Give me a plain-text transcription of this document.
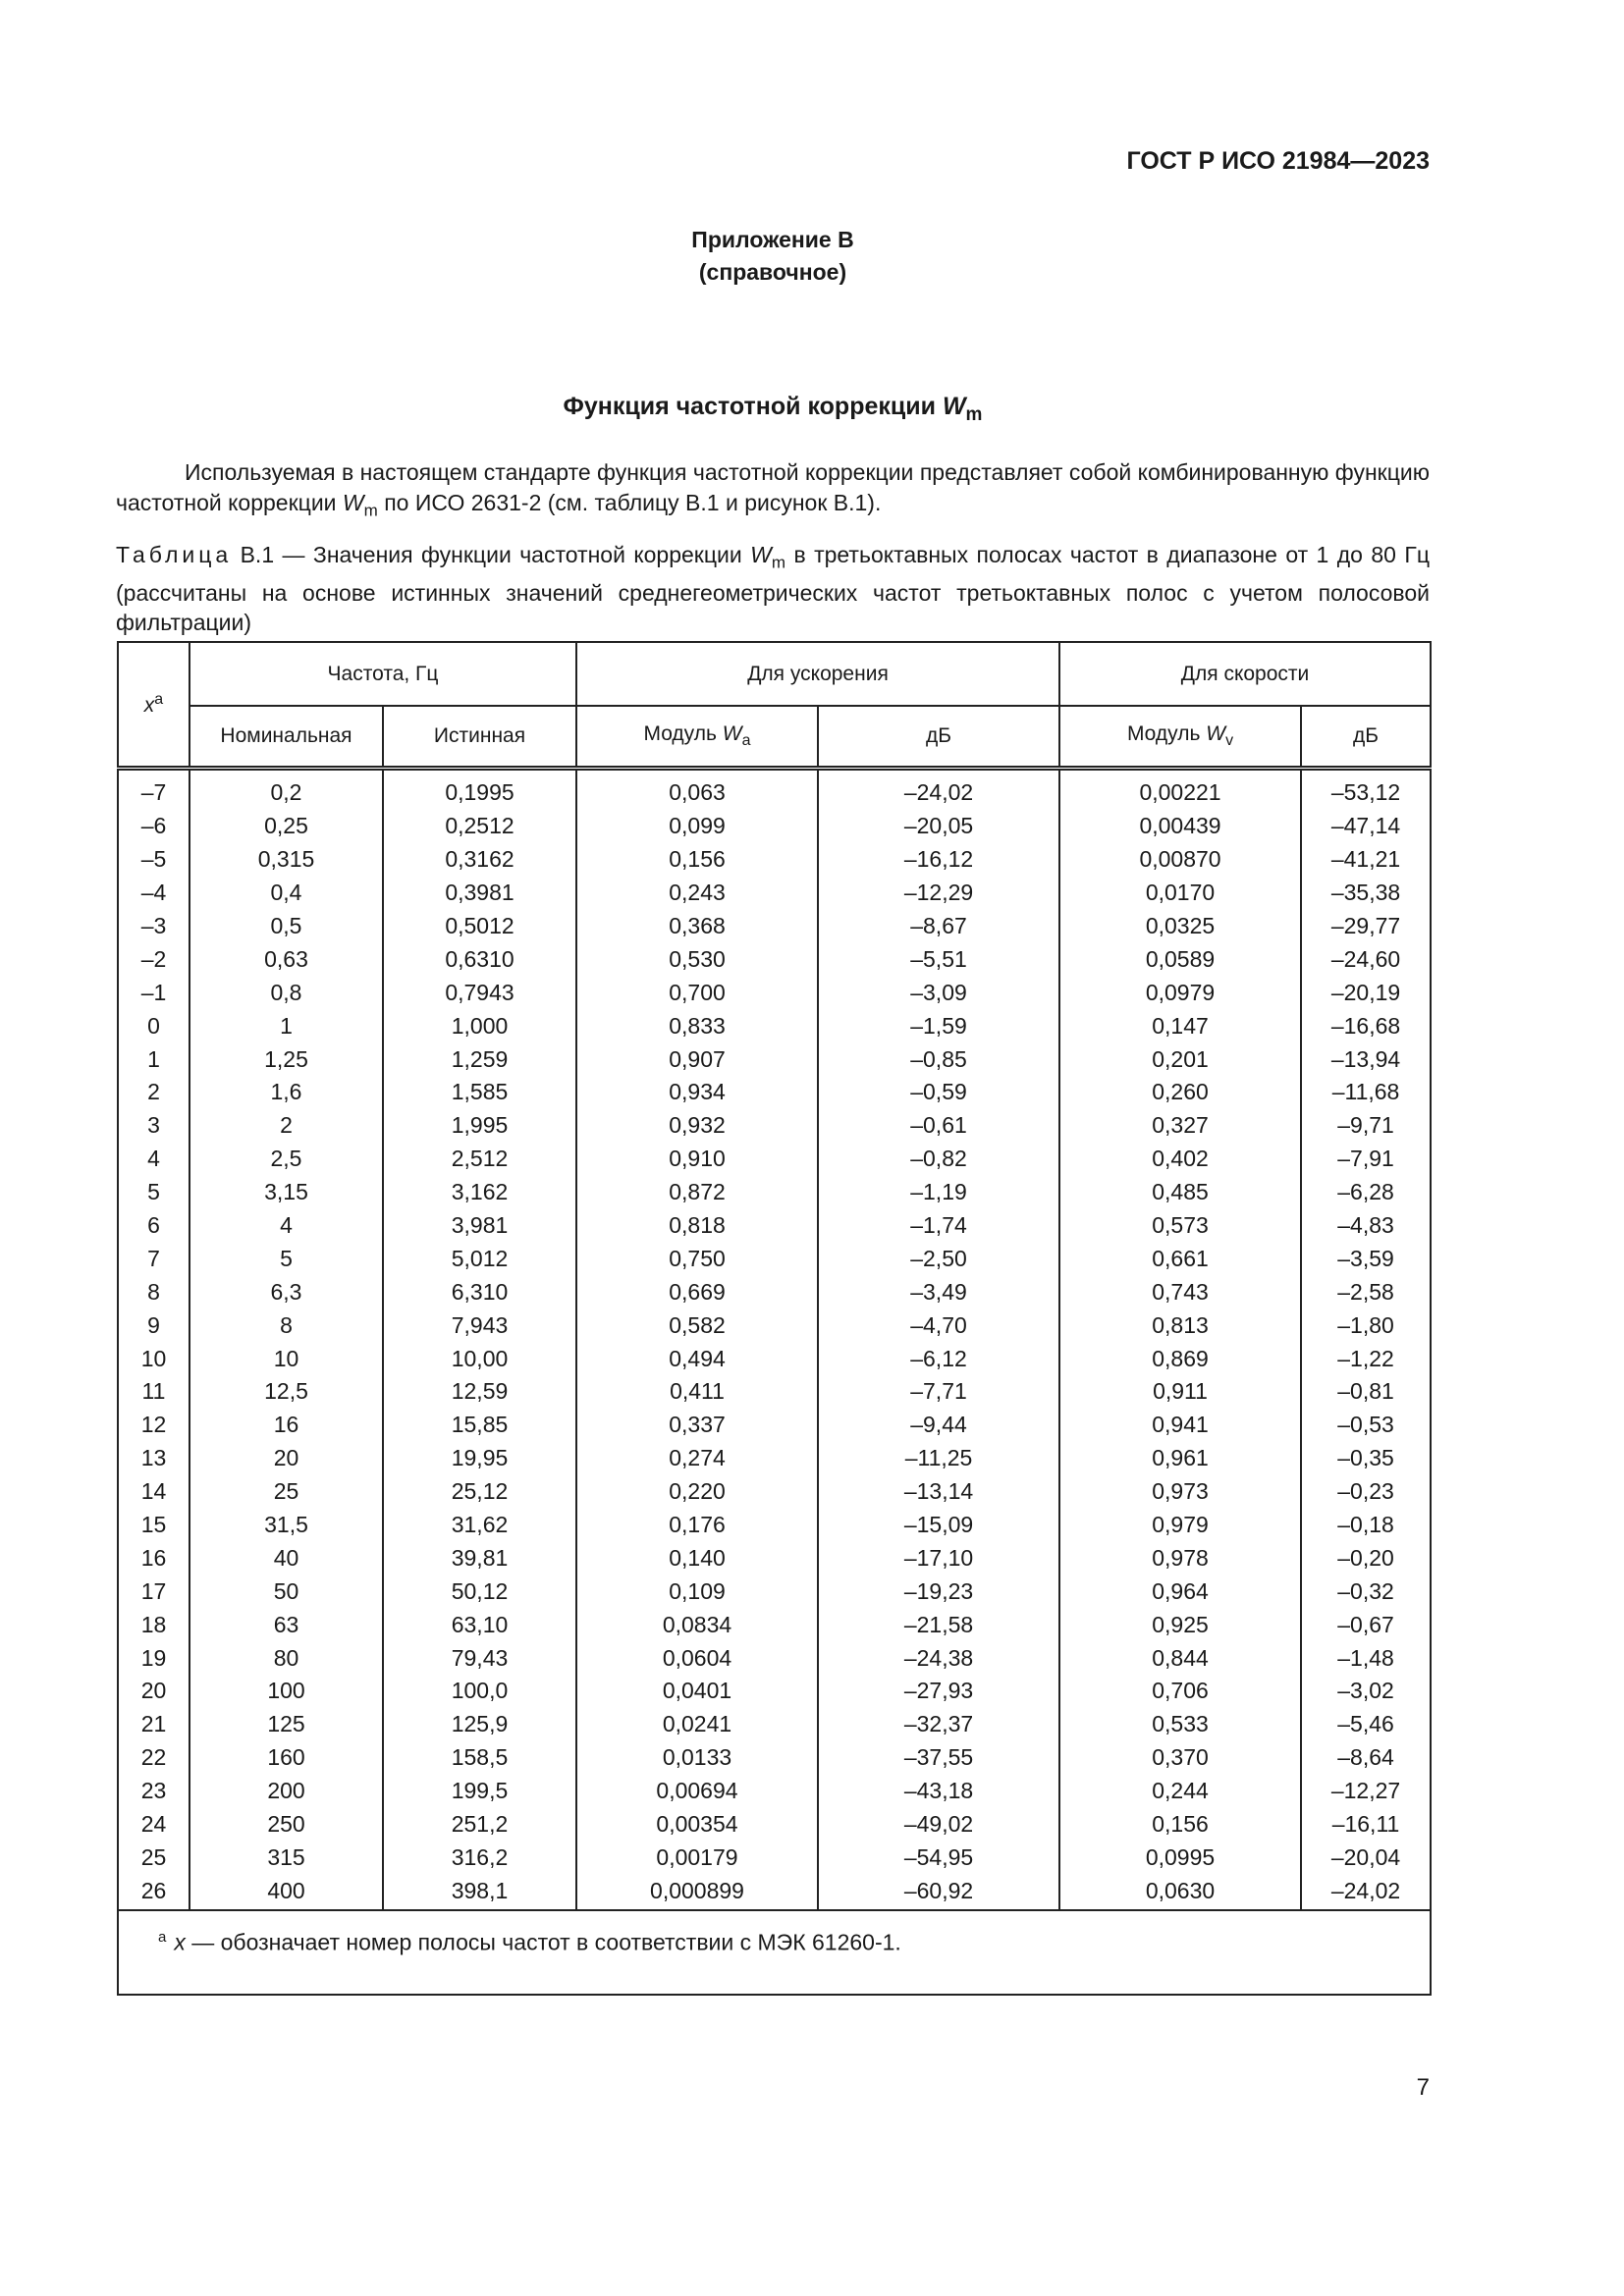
ГОСТ Р ИСО 21984—2023
Приложение В
(справочное)
Функция частотной коррекции $W_m$

Используемая в настоящем стандарте функция частотной коррекции представляет собой комбинированную функцию частотной коррекции $W_m$ по ИСО 2631-2 (см. таблицу В.1 и рисунок В.1).

Таблица В.1 — Значения функции частотной коррекции $W_m$ в третьоктавных полосах частот в диапазоне от 1 до 80 Гц (рассчитаны на основе истинных значений среднегеометрических частот третьоктавных полос с учетом полосовой фильтрации)

$x^a$	Частота, Гц		Для ускорения		Для скорости	
	Номинальная	Истинная	Модуль $W_a$	дБ	Модуль $W_v$	дБ
–7	0,2	0,1995	0,063	–24,02	0,00221	–53,12
–6	0,25	0,2512	0,099	–20,05	0,00439	–47,14
–5	0,315	0,3162	0,156	–16,12	0,00870	–41,21
–4	0,4	0,3981	0,243	–12,29	0,0170	–35,38
–3	0,5	0,5012	0,368	–8,67	0,0325	–29,77
–2	0,63	0,6310	0,530	–5,51	0,0589	–24,60
–1	0,8	0,7943	0,700	–3,09	0,0979	–20,19
0	1	1,000	0,833	–1,59	0,147	–16,68
1	1,25	1,259	0,907	–0,85	0,201	–13,94
2	1,6	1,585	0,934	–0,59	0,260	–11,68
3	2	1,995	0,932	–0,61	0,327	–9,71
4	2,5	2,512	0,910	–0,82	0,402	–7,91
5	3,15	3,162	0,872	–1,19	0,485	–6,28
6	4	3,981	0,818	–1,74	0,573	–4,83
7	5	5,012	0,750	–2,50	0,661	–3,59
8	6,3	6,310	0,669	–3,49	0,743	–2,58
9	8	7,943	0,582	–4,70	0,813	–1,80
10	10	10,00	0,494	–6,12	0,869	–1,22
11	12,5	12,59	0,411	–7,71	0,911	–0,81
12	16	15,85	0,337	–9,44	0,941	–0,53
13	20	19,95	0,274	–11,25	0,961	–0,35
14	25	25,12	0,220	–13,14	0,973	–0,23
15	31,5	31,62	0,176	–15,09	0,979	–0,18
16	40	39,81	0,140	–17,10	0,978	–0,20
17	50	50,12	0,109	–19,23	0,964	–0,32
18	63	63,10	0,0834	–21,58	0,925	–0,67
19	80	79,43	0,0604	–24,38	0,844	–1,48
20	100	100,0	0,0401	–27,93	0,706	–3,02
21	125	125,9	0,0241	–32,37	0,533	–5,46
22	160	158,5	0,0133	–37,55	0,370	–8,64
23	200	199,5	0,00694	–43,18	0,244	–12,27
24	250	251,2	0,00354	–49,02	0,156	–16,11
25	315	316,2	0,00179	–54,95	0,0995	–20,04
26	400	398,1	0,000899	–60,92	0,0630	–24,02
$^a$ x — обозначает номер полосы частот в соответствии с МЭК 61260-1.						
7
